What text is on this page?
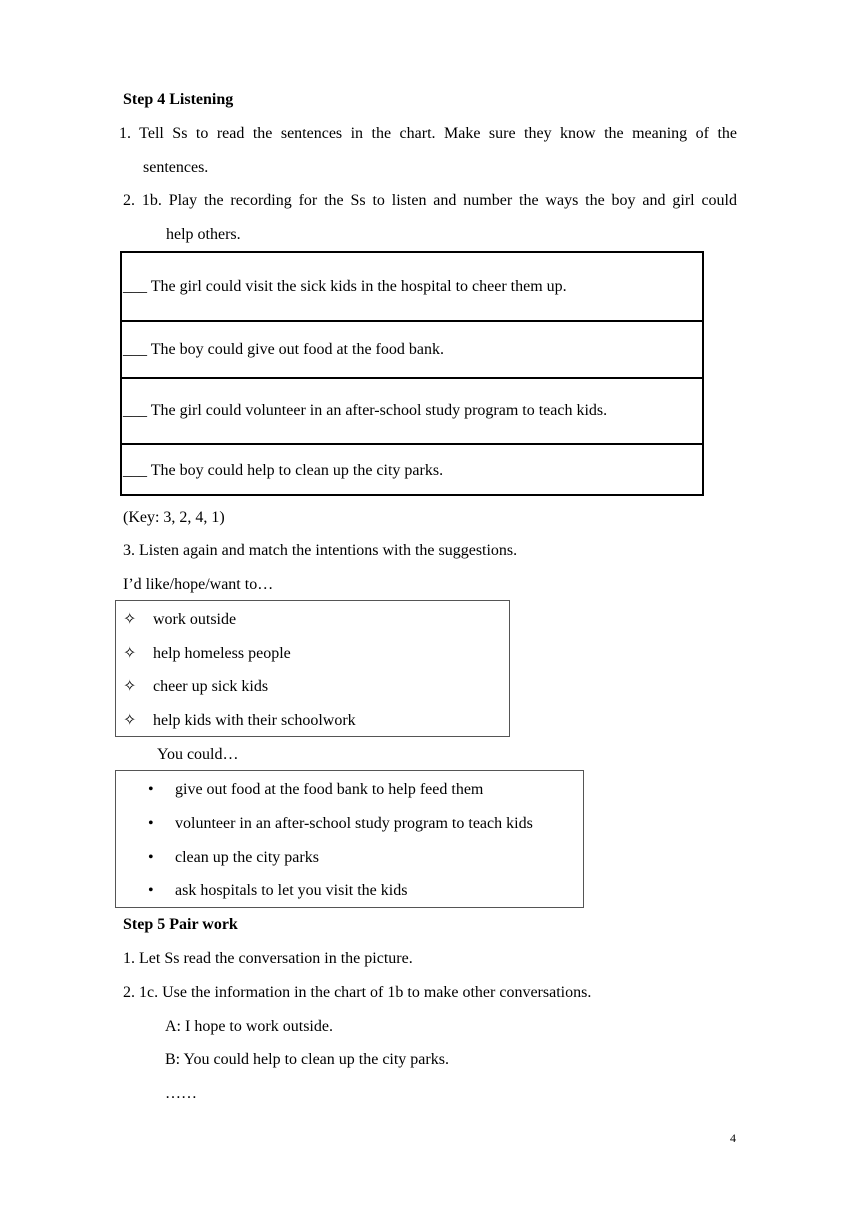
Step 4 Listening
1. Tell Ss to read the sentences in the chart. Make sure they know the meaning of the
sentences.
2. 1b. Play the recording for the Ss to listen and number the ways the boy and girl could
help others.
___ The girl could visit the sick kids in the hospital to cheer them up.
___ The boy could give out food at the food bank.
___ The girl could volunteer in an after-school study program to teach kids.
___ The boy could help to clean up the city parks.
(Key: 3, 2, 4, 1)
3. Listen again and match the intentions with the suggestions.
I’d like/hope/want to…
✧ work outside
✧ help homeless people
✧ cheer up sick kids
✧ help kids with their schoolwork
You could…
• give out food at the food bank to help feed them
• volunteer in an after-school study program to teach kids
• clean up the city parks
• ask hospitals to let you visit the kids
Step 5 Pair work
1. Let Ss read the conversation in the picture.
2. 1c. Use the information in the chart of 1b to make other conversations.
A: I hope to work outside.
B: You could help to clean up the city parks.
……
4
